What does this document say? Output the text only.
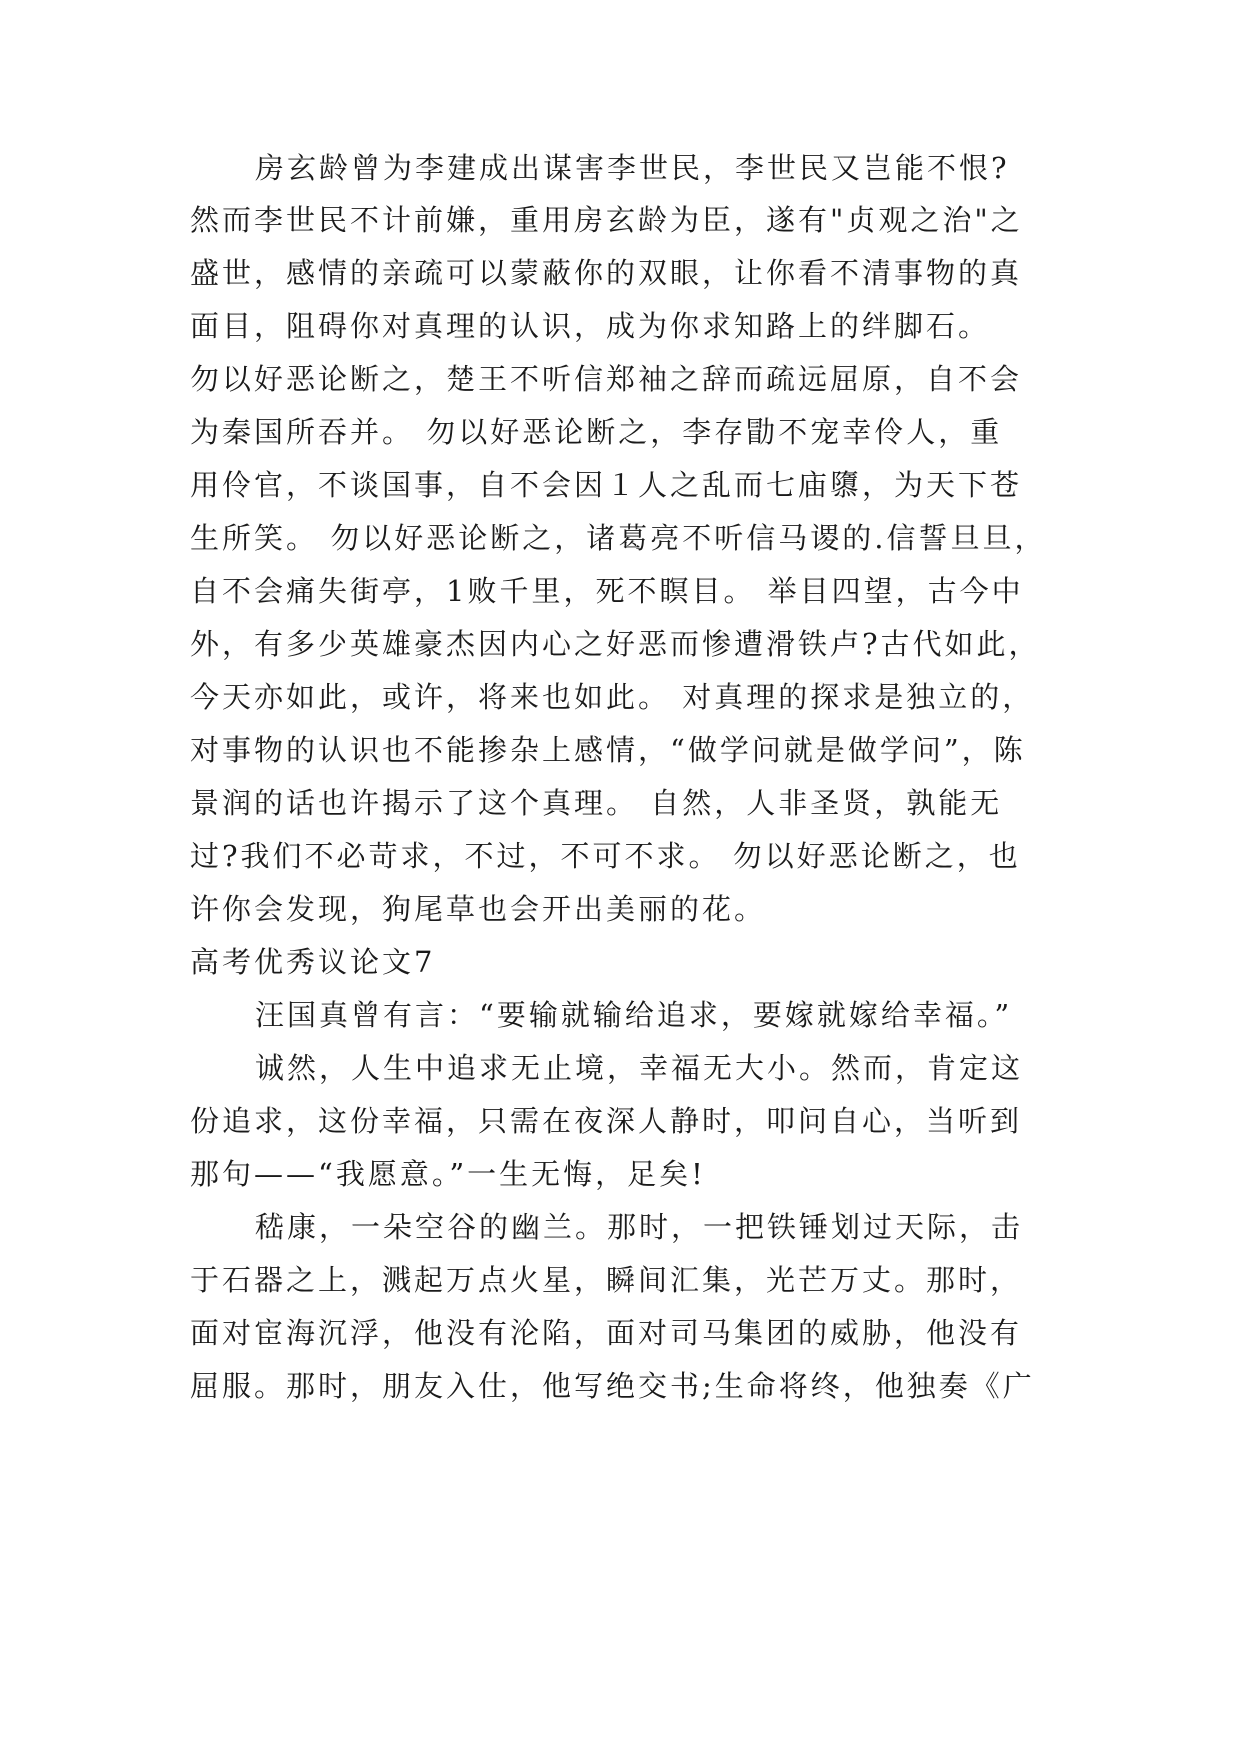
房玄龄曾为李建成出谋害李世民，李世民又岂能不恨?
然而李世民不计前嫌，重用房玄龄为臣，遂有"贞观之治"之
盛世，感情的亲疏可以蒙蔽你的双眼，让你看不清事物的真
面目，阻碍你对真理的认识，成为你求知路上的绊脚石。
勿以好恶论断之，楚王不听信郑袖之辞而疏远屈原，自不会
为秦国所吞并。 勿以好恶论断之，李存勖不宠幸伶人，重
用伶官，不谈国事，自不会因１人之乱而七庙隳，为天下苍
生所笑。 勿以好恶论断之，诸葛亮不听信马谡的.信誓旦旦，
自不会痛失街亭，1败千里，死不瞑目。 举目四望，古今中
外，有多少英雄豪杰因内心之好恶而惨遭滑铁卢?古代如此，
今天亦如此，或许，将来也如此。 对真理的探求是独立的，
对事物的认识也不能掺杂上感情，“做学问就是做学问”，陈
景润的话也许揭示了这个真理。 自然，人非圣贤，孰能无
过?我们不必苛求，不过，不可不求。 勿以好恶论断之，也
许你会发现，狗尾草也会开出美丽的花。
高考优秀议论文7
汪国真曾有言：“要输就输给追求，要嫁就嫁给幸福。”
诚然，人生中追求无止境，幸福无大小。然而，肯定这
份追求，这份幸福，只需在夜深人静时，叩问自心，当听到
那句——“我愿意。”一生无悔，足矣!
嵇康，一朵空谷的幽兰。那时，一把铁锤划过天际，击
于石器之上，溅起万点火星，瞬间汇集，光芒万丈。那时，
面对宦海沉浮，他没有沦陷，面对司马集团的威胁，他没有
屈服。那时，朋友入仕，他写绝交书;生命将终，他独奏《广
